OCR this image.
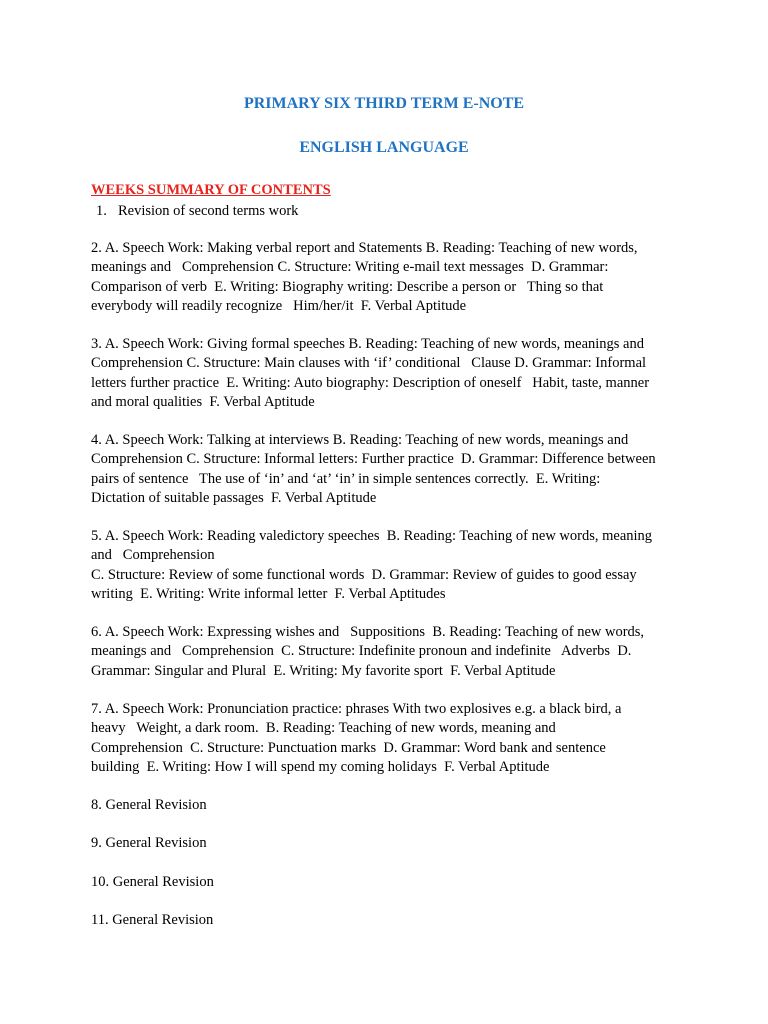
PRIMARY SIX THIRD TERM E-NOTE
ENGLISH LANGUAGE
WEEKS SUMMARY OF CONTENTS
1. Revision of second terms work
2. A. Speech Work: Making verbal report and Statements B. Reading: Teaching of new words,
meanings and   Comprehension C. Structure: Writing e-mail text messages  D. Grammar:
Comparison of verb  E. Writing: Biography writing: Describe a person or   Thing so that
everybody will readily recognize   Him/her/it  F. Verbal Aptitude
3. A. Speech Work: Giving formal speeches B. Reading: Teaching of new words, meanings and
Comprehension C. Structure: Main clauses with ‘if’ conditional   Clause D. Grammar: Informal
letters further practice  E. Writing: Auto biography: Description of oneself   Habit, taste, manner
and moral qualities  F. Verbal Aptitude
4. A. Speech Work: Talking at interviews B. Reading: Teaching of new words, meanings and
Comprehension C. Structure: Informal letters: Further practice  D. Grammar: Difference between
pairs of sentence   The use of ‘in’ and ‘at’ ‘in’ in simple sentences correctly.  E. Writing:
Dictation of suitable passages  F. Verbal Aptitude
5. A. Speech Work: Reading valedictory speeches  B. Reading: Teaching of new words, meaning
and   Comprehension
C. Structure: Review of some functional words  D. Grammar: Review of guides to good essay
writing  E. Writing: Write informal letter  F. Verbal Aptitudes
6. A. Speech Work: Expressing wishes and   Suppositions  B. Reading: Teaching of new words,
meanings and   Comprehension  C. Structure: Indefinite pronoun and indefinite   Adverbs  D.
Grammar: Singular and Plural  E. Writing: My favorite sport  F. Verbal Aptitude
7. A. Speech Work: Pronunciation practice: phrases With two explosives e.g. a black bird, a
heavy   Weight, a dark room.  B. Reading: Teaching of new words, meaning and
Comprehension  C. Structure: Punctuation marks  D. Grammar: Word bank and sentence
building  E. Writing: How I will spend my coming holidays  F. Verbal Aptitude
8. General Revision
9. General Revision
10. General Revision
11. General Revision
